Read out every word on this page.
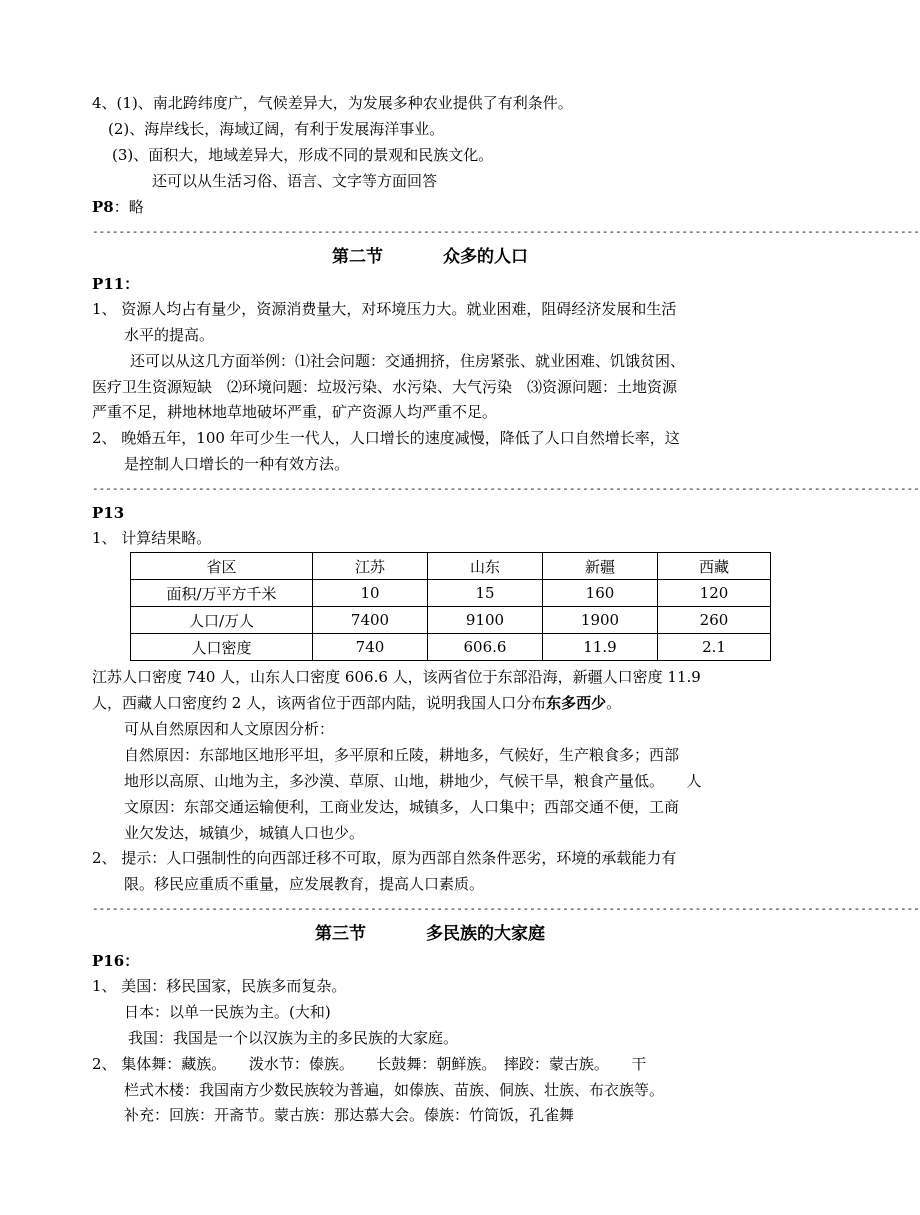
4、(1)、南北跨纬度广，气候差异大，为发展多种农业提供了有利条件。
(2)、海岸线长，海域辽阔，有利于发展海洋事业。
(3)、面积大，地域差异大，形成不同的景观和民族文化。
还可以从生活习俗、语言、文字等方面回答
P8：略
-----------------------------------------------------------------------------------------------------------------------------
第二节	众多的人口
P11：
1、 资源人均占有量少，资源消费量大，对环境压力大。就业困难，阻碍经济发展和生活
水平的提高。
还可以从这几方面举例：⑴社会问题：交通拥挤，住房紧张、就业困难、饥饿贫困、
医疗卫生资源短缺　⑵环境问题：垃圾污染、水污染、大气污染　⑶资源问题：土地资源
严重不足，耕地林地草地破坏严重，矿产资源人均严重不足。
2、 晚婚五年，100 年可少生一代人，人口增长的速度减慢，降低了人口自然增长率，这
是控制人口增长的一种有效方法。
-----------------------------------------------------------------------------------------------------------------------------
P13
1、 计算结果略。
省区	江苏	山东	新疆	西藏
面积/万平方千米	10	15	160	120
人口/万人	7400	9100	1900	260
人口密度	740	606.6	11.9	2.1
江苏人口密度 740 人，山东人口密度 606.6 人，该两省位于东部沿海，新疆人口密度 11.9
人，西藏人口密度约 2 人，该两省位于西部内陆，说明我国人口分布东多西少。
可从自然原因和人文原因分析：
自然原因：东部地区地形平坦，多平原和丘陵，耕地多，气候好，生产粮食多；西部
地形以高原、山地为主，多沙漠、草原、山地，耕地少，气候干旱，粮食产量低。　　人
文原因：东部交通运输便利，工商业发达，城镇多，人口集中；西部交通不便，工商
业欠发达，城镇少，城镇人口也少。
2、 提示：人口强制性的向西部迁移不可取，原为西部自然条件恶劣，环境的承载能力有
限。移民应重质不重量，应发展教育，提高人口素质。
-----------------------------------------------------------------------------------------------------------------------------
第三节	多民族的大家庭
P16：
1、 美国：移民国家，民族多而复杂。
日本：以单一民族为主。(大和)
我国：我国是一个以汉族为主的多民族的大家庭。
2、 集体舞：藏族。　　泼水节：傣族。　　长鼓舞：朝鲜族。　摔跤：蒙古族。　　干
栏式木楼：我国南方少数民族较为普遍，如傣族、苗族、侗族、壮族、布衣族等。
补充：回族：开斋节。蒙古族：那达慕大会。傣族：竹筒饭，孔雀舞
